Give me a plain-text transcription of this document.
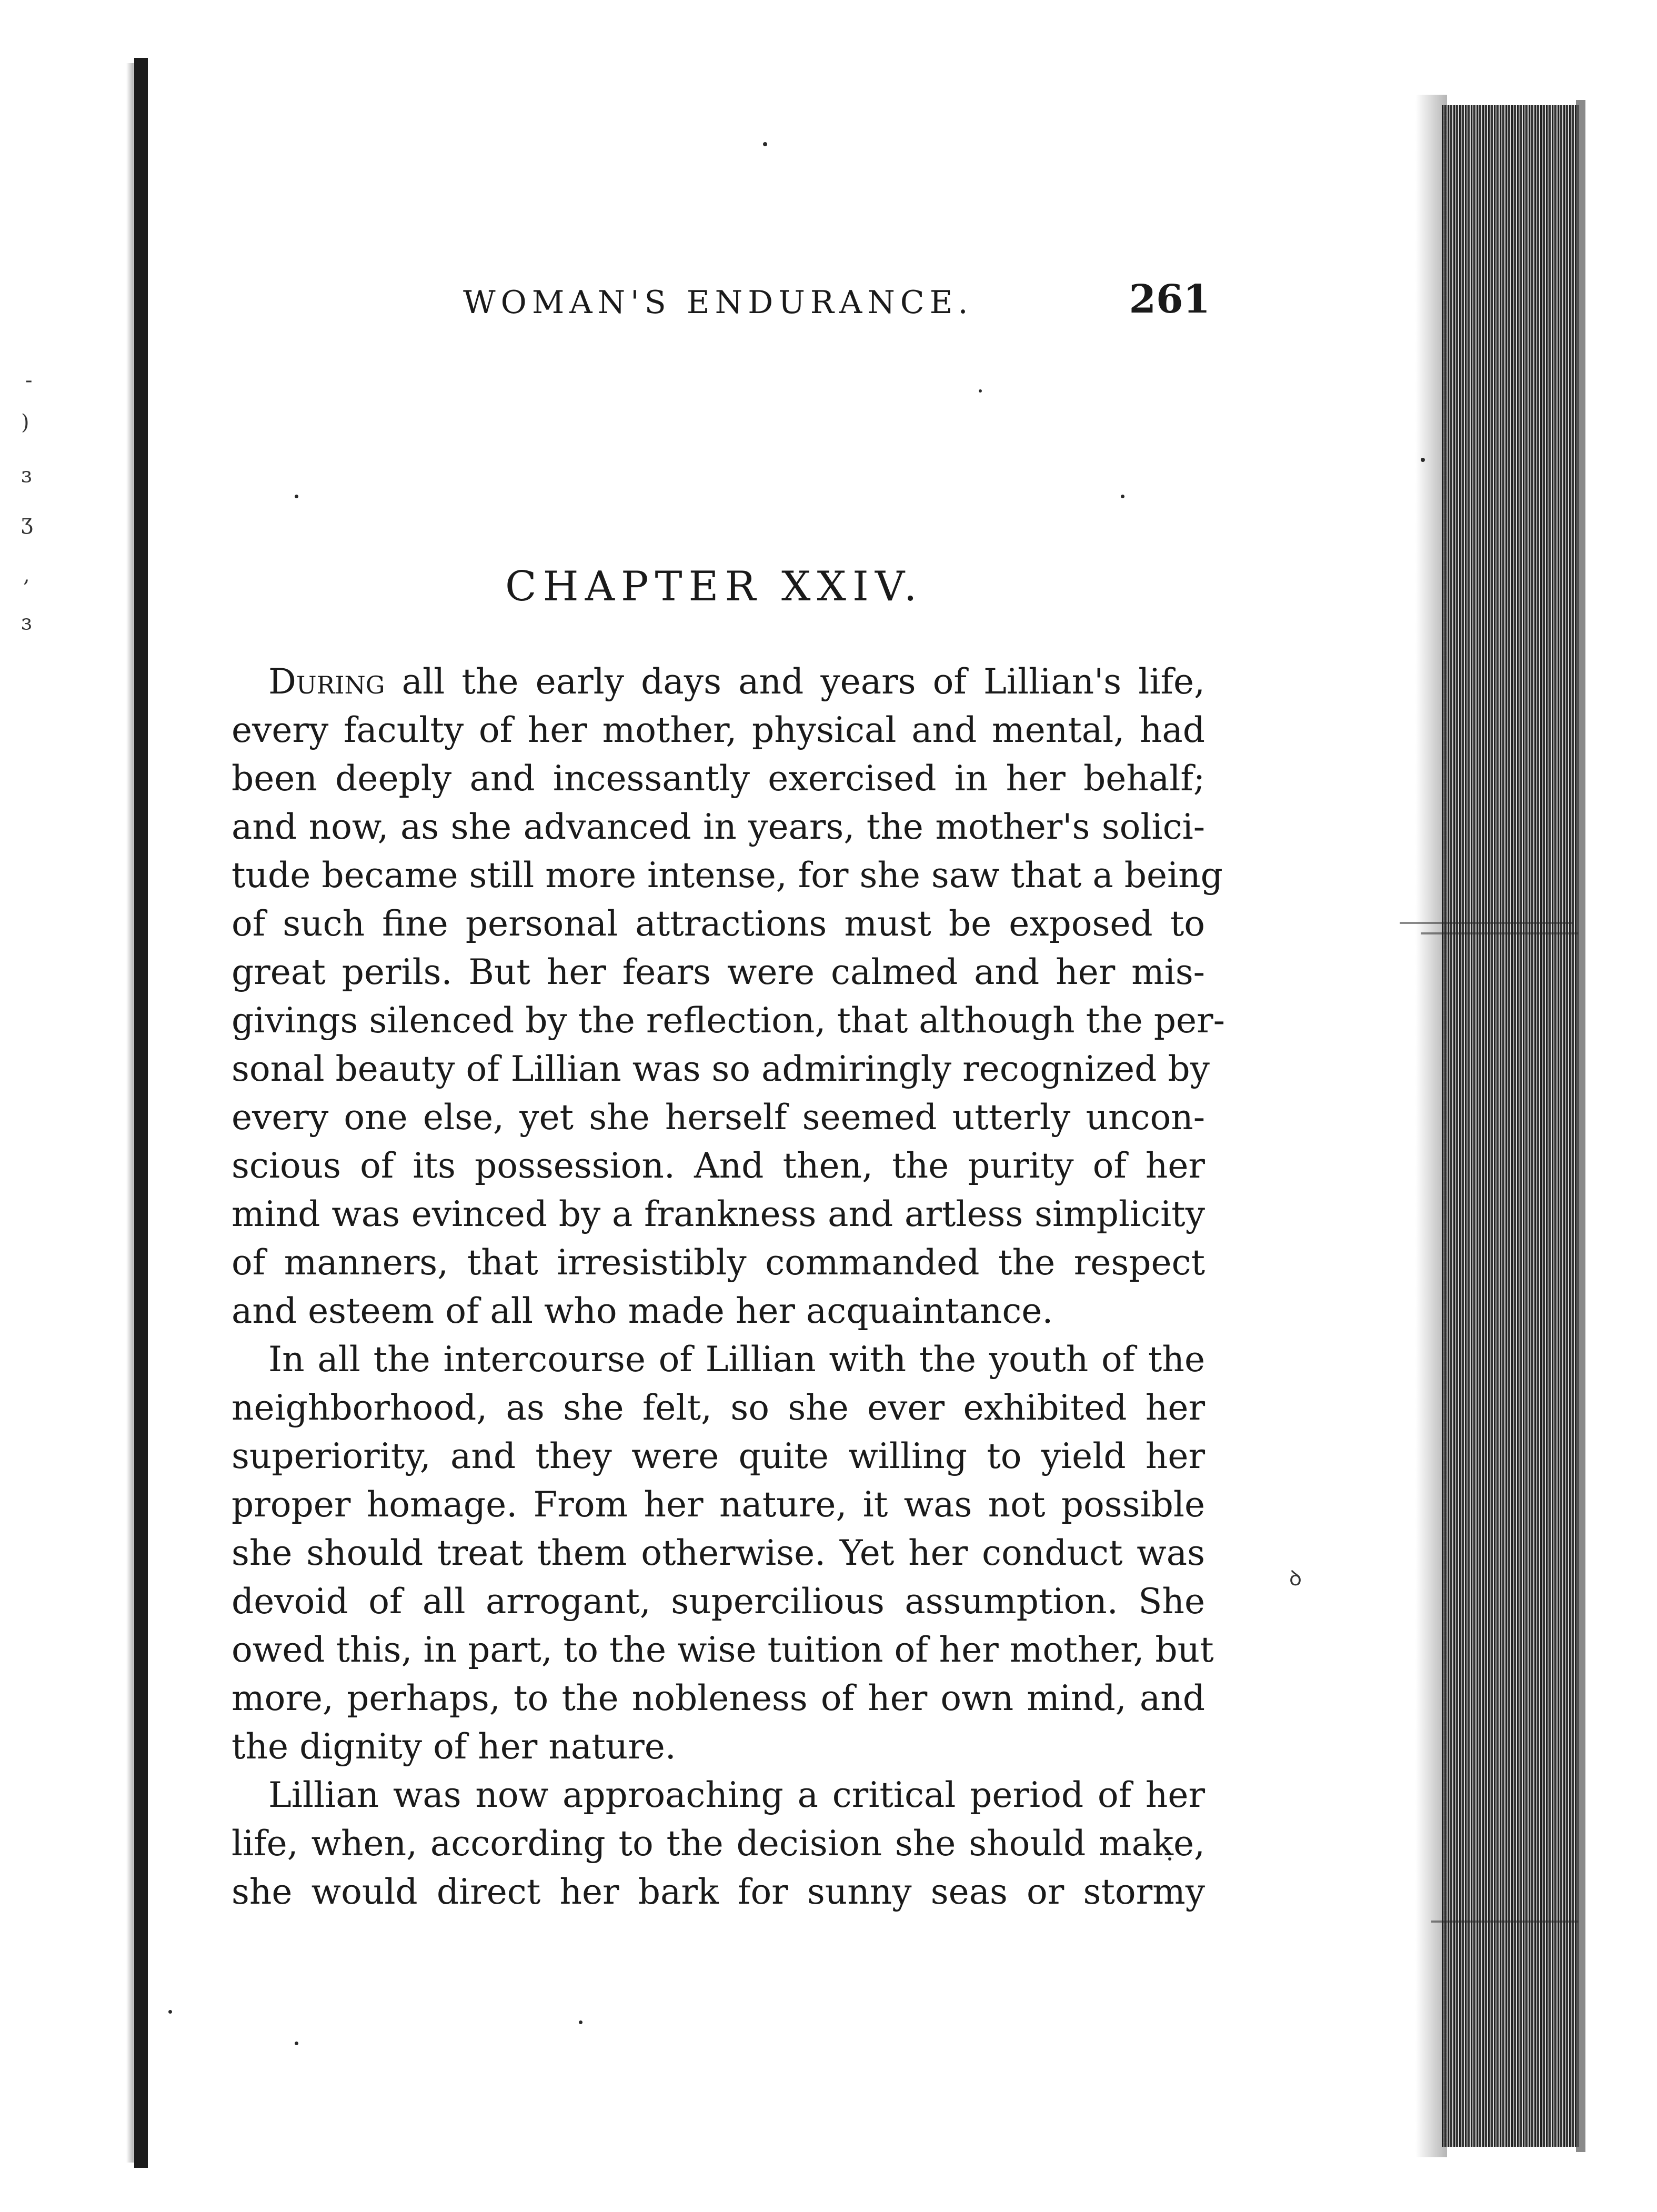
-
)
ɜ
ʒ
,
ɜ
ꝺ
WOMAN'S ENDURANCE.	261
CHAPTER XXIV.
During all the early days and years of Lillian's life,
every faculty of her mother, physical and mental, had
been deeply and incessantly exercised in her behalf;
and now, as she advanced in years, the mother's solici-
tude became still more intense, for she saw that a being
of such fine personal attractions must be exposed to
great perils. But her fears were calmed and her mis-
givings silenced by the reflection, that although the per-
sonal beauty of Lillian was so admiringly recognized by
every one else, yet she herself seemed utterly uncon-
scious of its possession. And then, the purity of her
mind was evinced by a frankness and artless simplicity
of manners, that irresistibly commanded the respect
and esteem of all who made her acquaintance.
In all the intercourse of Lillian with the youth of the
neighborhood, as she felt, so she ever exhibited her
superiority, and they were quite willing to yield her
proper homage. From her nature, it was not possible
she should treat them otherwise. Yet her conduct was
devoid of all arrogant, supercilious assumption. She
owed this, in part, to the wise tuition of her mother, but
more, perhaps, to the nobleness of her own mind, and
the dignity of her nature.
Lillian was now approaching a critical period of her
life, when, according to the decision she should make,
she would direct her bark for sunny seas or stormy
